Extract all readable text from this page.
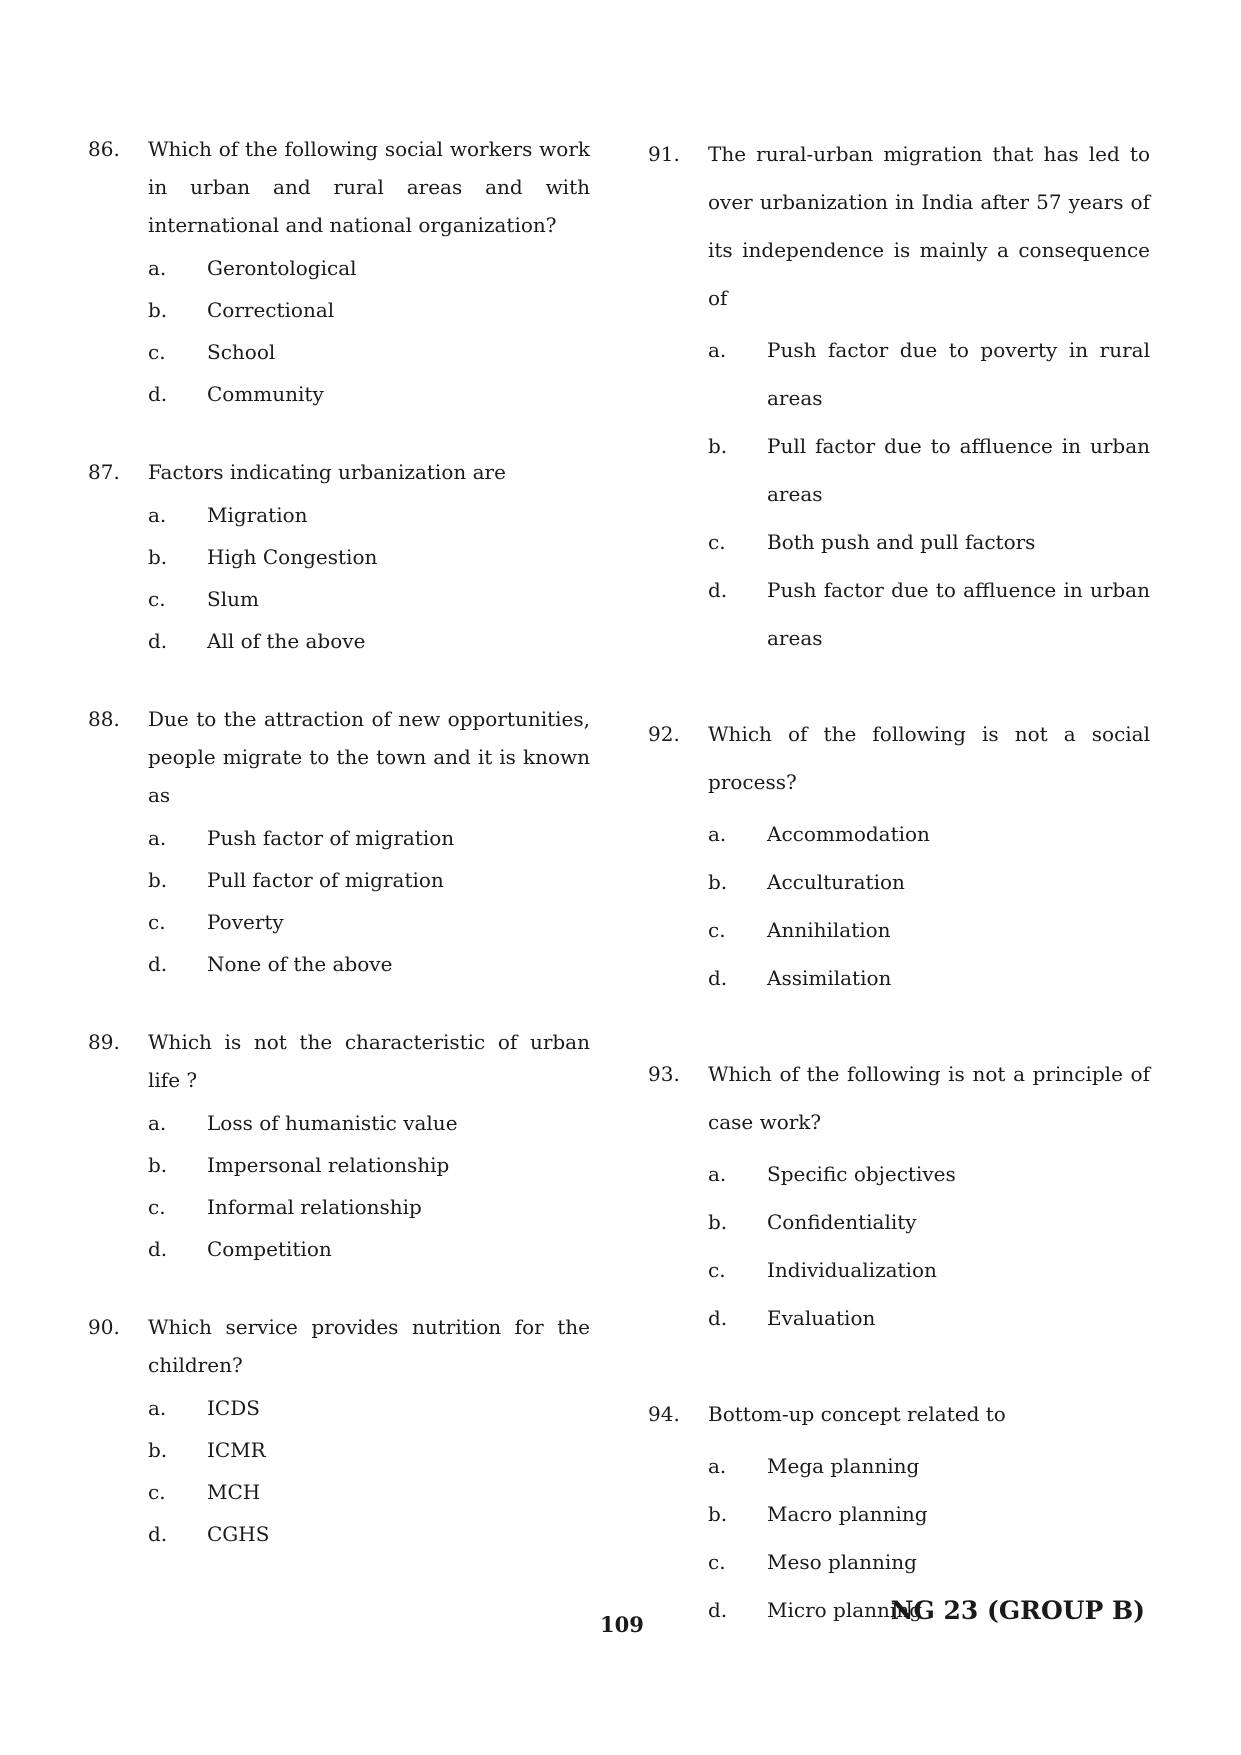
86.	Which of the following social workers work in urban and rural areas and with international and national organization?
a.	Gerontological
b.	Correctional
c.	School
d.	Community
87.	Factors indicating urbanization are
a.	Migration
b.	High Congestion
c.	Slum
d.	All of the above
88.	Due to the attraction of new opportunities, people migrate to the town and it is known as
a.	Push factor of migration
b.	Pull factor of migration
c.	Poverty
d.	None of the above
89.	Which is not the characteristic of urban life ?
a.	Loss of humanistic value
b.	Impersonal relationship
c.	Informal relationship
d.	Competition
90.	Which service provides nutrition for the children?
a.	ICDS
b.	ICMR
c.	MCH
d.	CGHS
91.	The rural-urban migration that has led to over urbanization in India after 57 years of its independence is mainly a consequence of
a.	Push factor due to poverty in rural areas
b.	Pull factor due to affluence in urban areas
c.	Both push and pull factors
d.	Push factor due to affluence in urban areas
92.	Which of the following is not a social process?
a.	Accommodation
b.	Acculturation
c.	Annihilation
d.	Assimilation
93.	Which of the following is not a principle of case work?
a.	Specific objectives
b.	Confidentiality
c.	Individualization
d.	Evaluation
94.	Bottom-up concept related to
a.	Mega planning
b.	Macro planning
c.	Meso planning
d.	Micro planning
109	NG 23 (GROUP B)
